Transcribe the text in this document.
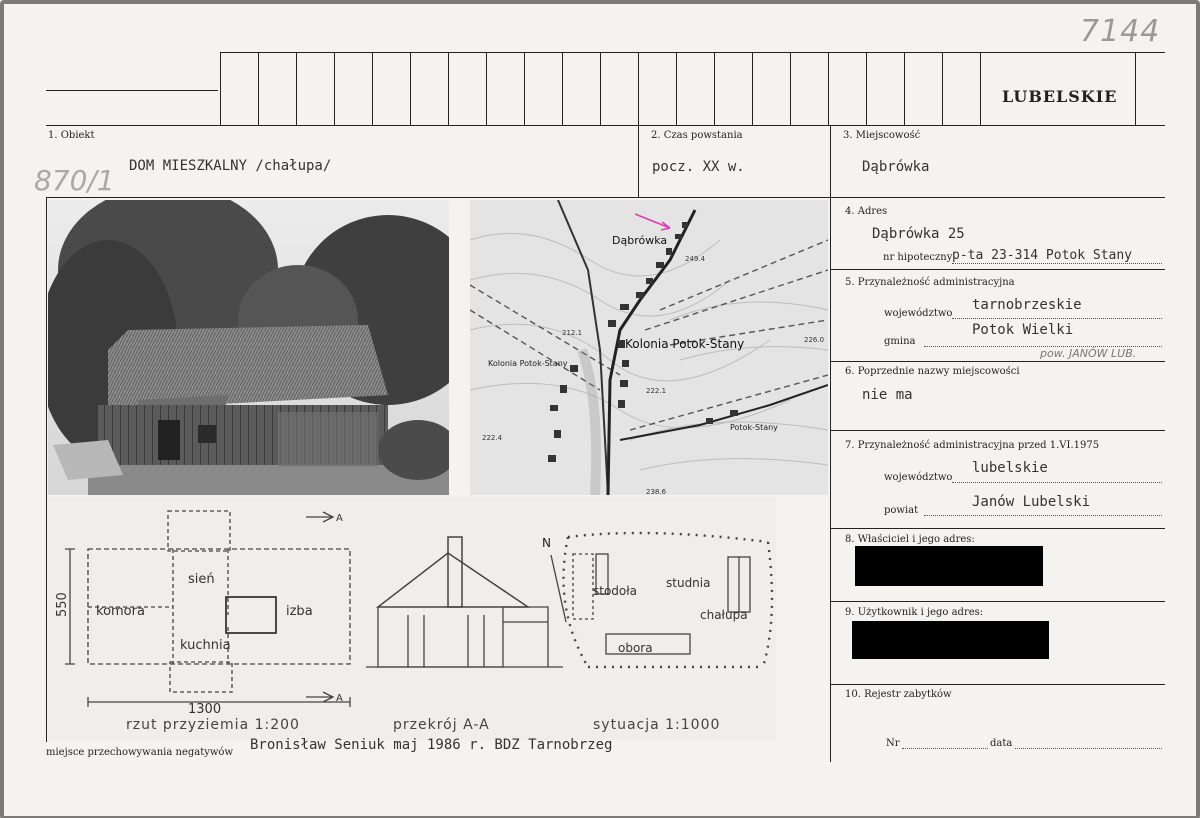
7144
LUBELSKIE
1. Obiekt
DOM MIESZKALNY /chałupa/
870/1
2. Czas powstania
pocz. XX w.
3. Miejscowość
Dąbrówka
4. Adres
Dąbrówka 25
nr hipoteczny p-ta 23-314 Potok Stany
5. Przynależność administracyjna
województwo
tarnobrzeskie
gmina
Potok Wielki
pow. JANÓW LUB.
6. Poprzednie nazwy miejscowości
nie ma
7. Przynależność administracyjna przed 1.VI.1975
województwo
lubelskie
powiat
Janów Lubelski
8. Właściciel i jego adres:
9. Użytkownik i jego adres:
10. Rejestr zabytków
Nr	data
Dąbrówka
Kolonia Potok-Stany
Kolonia Potok-Stany
Potok-Stany
249.4
212.1
226.0
222.1
222.4
238.6
komora
sień
izba
kuchnia
550
1300
A
A
rzut przyziemia 1:200	przekrój A-A
N
stodoła
studnia
chałupa
obora
sytuacja 1:1000
miejsce przechowywania negatywów Bronisław Seniuk maj 1986 r. BDZ Tarnobrzeg
